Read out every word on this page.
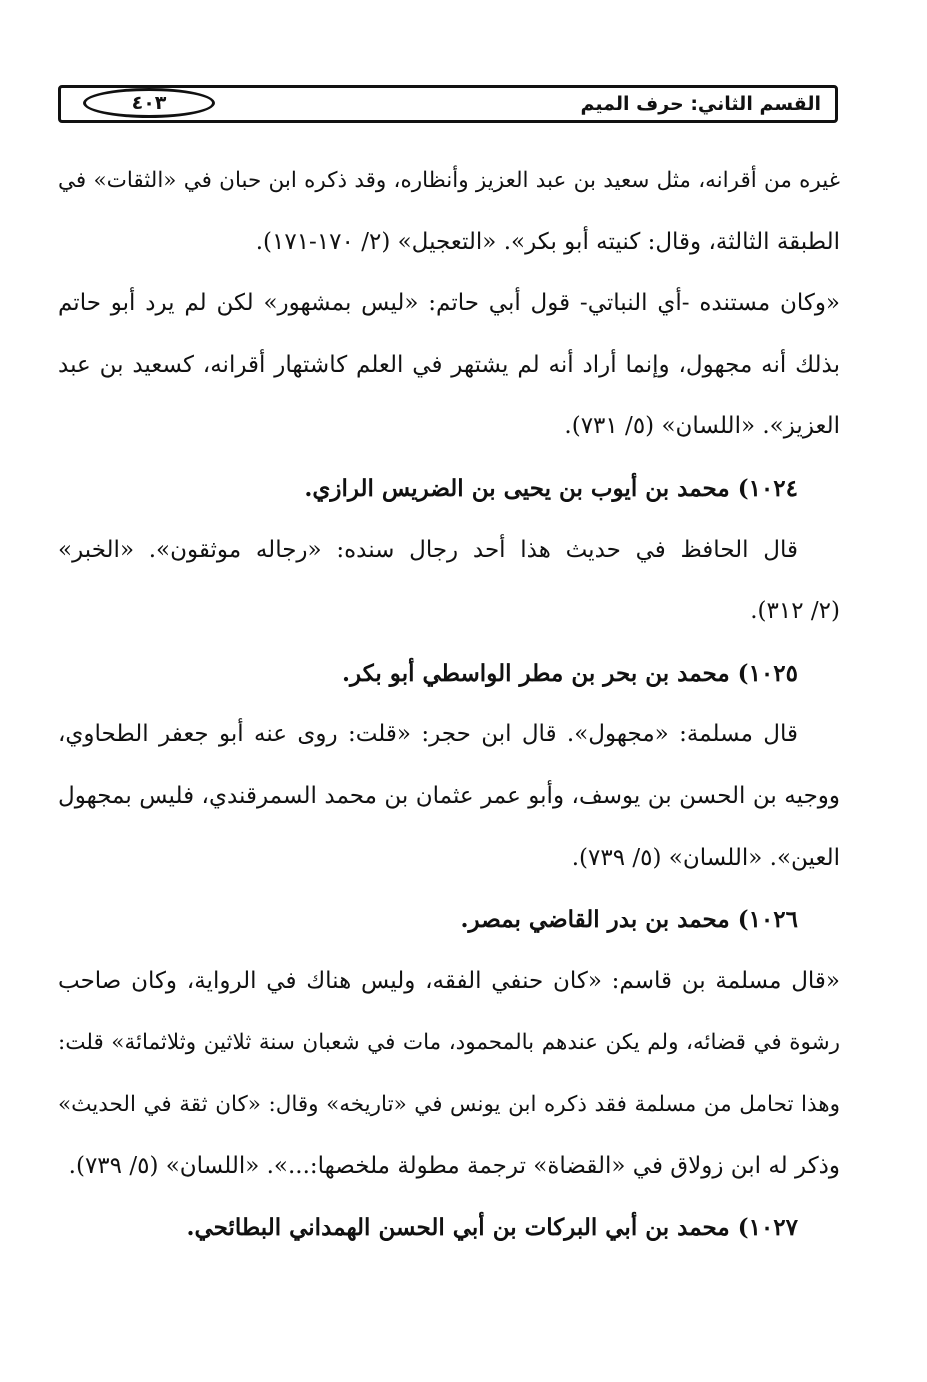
القسم الثاني: حرف الميم
٤٠٣
غيره من أقرانه، مثل سعيد بن عبد العزيز وأنظاره، وقد ذكره ابن حبان في «الثقات» في
الطبقة الثالثة، وقال: كنيته أبو بكر». «التعجيل» (٢/ ١٧٠-١٧١).
«وكان مستنده -أي النباتي- قول أبي حاتم: «ليس بمشهور» لكن لم يرد أبو حاتم
بذلك أنه مجهول، وإنما أراد أنه لم يشتهر في العلم كاشتهار أقرانه، كسعيد بن عبد
العزيز». «اللسان» (٥/ ٧٣١).
١٠٢٤) محمد بن أيوب بن يحيى بن الضريس الرازي.
قال الحافظ في حديث هذا أحد رجال سنده: «رجاله موثقون». «الخبر»
(٢/ ٣١٢).
١٠٢٥) محمد بن بحر بن مطر الواسطي أبو بكر.
قال مسلمة: «مجهول». قال ابن حجر: «قلت: روى عنه أبو جعفر الطحاوي،
ووجيه بن الحسن بن يوسف، وأبو عمر عثمان بن محمد السمرقندي، فليس بمجهول
العين». «اللسان» (٥/ ٧٣٩).
١٠٢٦) محمد بن بدر القاضي بمصر.
«قال مسلمة بن قاسم: «كان حنفي الفقه، وليس هناك في الرواية، وكان صاحب
رشوة في قضائه، ولم يكن عندهم بالمحمود، مات في شعبان سنة ثلاثين وثلاثمائة» قلت:
وهذا تحامل من مسلمة فقد ذكره ابن يونس في «تاريخه» وقال: «كان ثقة في الحديث»
وذكر له ابن زولاق في «القضاة» ترجمة مطولة ملخصها:...». «اللسان» (٥/ ٧٣٩).
١٠٢٧) محمد بن أبي البركات بن أبي الحسن الهمداني البطائحي.
